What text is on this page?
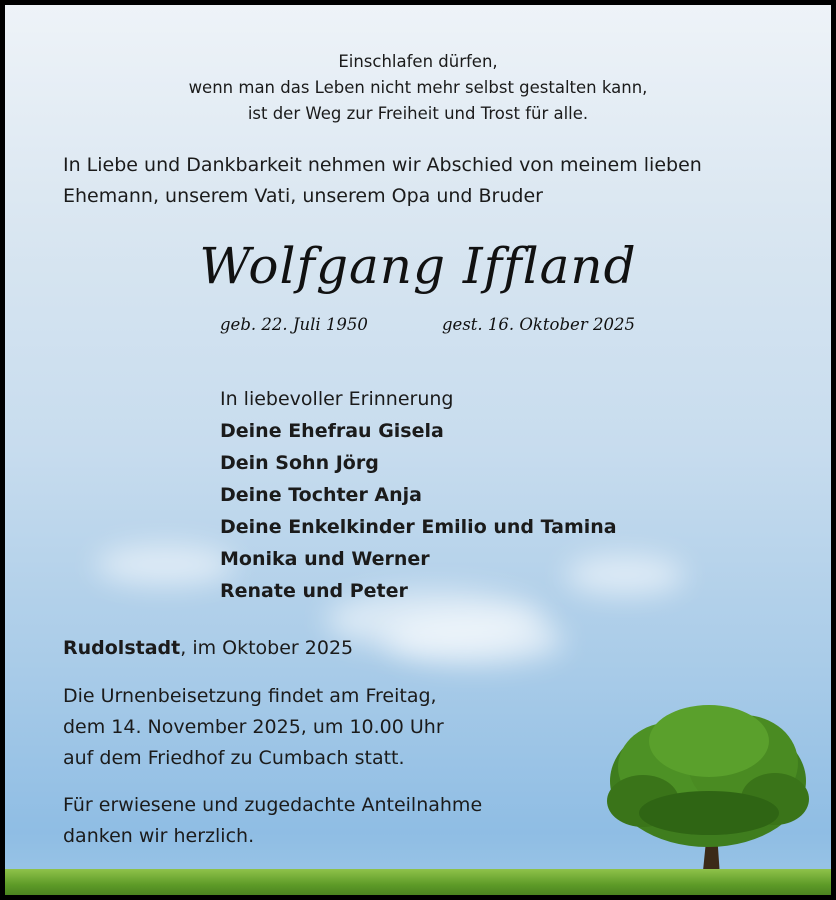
Einschlafen dürfen,
wenn man das Leben nicht mehr selbst gestalten kann,
ist der Weg zur Freiheit und Trost für alle.
In Liebe und Dankbarkeit nehmen wir Abschied von meinem lieben
Ehemann, unserem Vati, unserem Opa und Bruder
Wolfgang Iffland
geb. 22. Juli 1950	gest. 16. Oktober 2025
In liebevoller Erinnerung
Deine Ehefrau Gisela
Dein Sohn Jörg
Deine Tochter Anja
Deine Enkelkinder Emilio und Tamina
Monika und Werner
Renate und Peter
Rudolstadt, im Oktober 2025
Die Urnenbeisetzung findet am Freitag,
dem 14. November 2025, um 10.00 Uhr
auf dem Friedhof zu Cumbach statt.
Für erwiesene und zugedachte Anteilnahme
danken wir herzlich.
